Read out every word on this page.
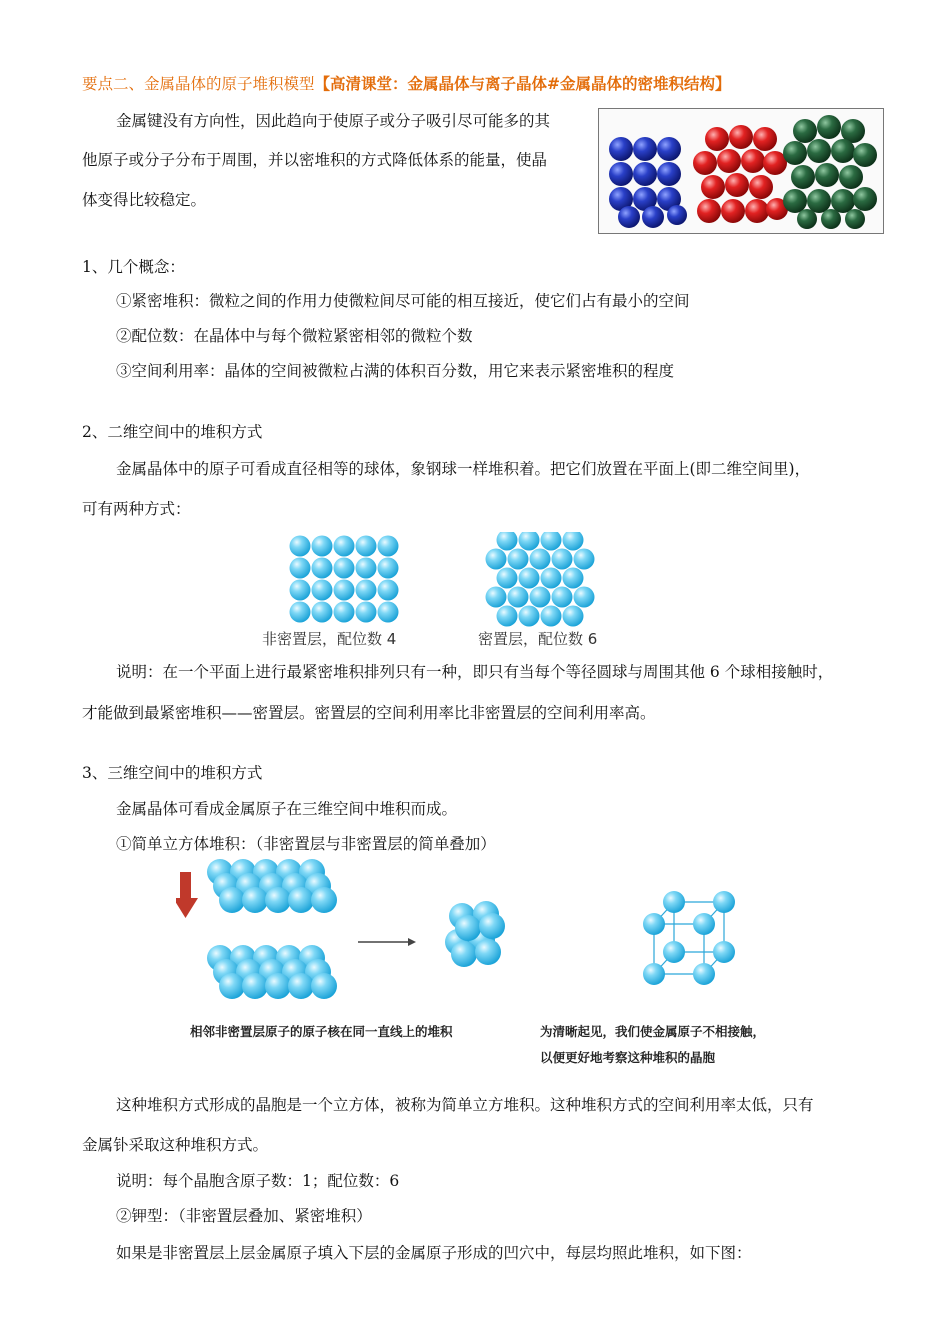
要点二、金属晶体的原子堆积模型【高清课堂：金属晶体与离子晶体#金属晶体的密堆积结构】
金属键没有方向性，因此趋向于使原子或分子吸引尽可能多的其
他原子或分子分布于周围，并以密堆积的方式降低体系的能量，使晶
体变得比较稳定。
1、几个概念：
①紧密堆积：微粒之间的作用力使微粒间尽可能的相互接近，使它们占有最小的空间
②配位数：在晶体中与每个微粒紧密相邻的微粒个数
③空间利用率：晶体的空间被微粒占满的体积百分数，用它来表示紧密堆积的程度
2、二维空间中的堆积方式
金属晶体中的原子可看成直径相等的球体，象钢球一样堆积着。把它们放置在平面上(即二维空间里)，
可有两种方式：
非密置层，配位数 4	密置层，配位数 6
说明：在一个平面上进行最紧密堆积排列只有一种，即只有当每个等径圆球与周围其他 6 个球相接触时，
才能做到最紧密堆积——密置层。密置层的空间利用率比非密置层的空间利用率高。
3、三维空间中的堆积方式
金属晶体可看成金属原子在三维空间中堆积而成。
①简单立方体堆积：（非密置层与非密置层的简单叠加）
相邻非密置层原子的原子核在同一直线上的堆积	为清晰起见，我们使金属原子不相接触，
以便更好地考察这种堆积的晶胞
这种堆积方式形成的晶胞是一个立方体，被称为简单立方堆积。这种堆积方式的空间利用率太低，只有
金属钋采取这种堆积方式。
说明：每个晶胞含原子数：1；配位数：6
②钾型：（非密置层叠加、紧密堆积）
如果是非密置层上层金属原子填入下层的金属原子形成的凹穴中，每层均照此堆积，如下图：
